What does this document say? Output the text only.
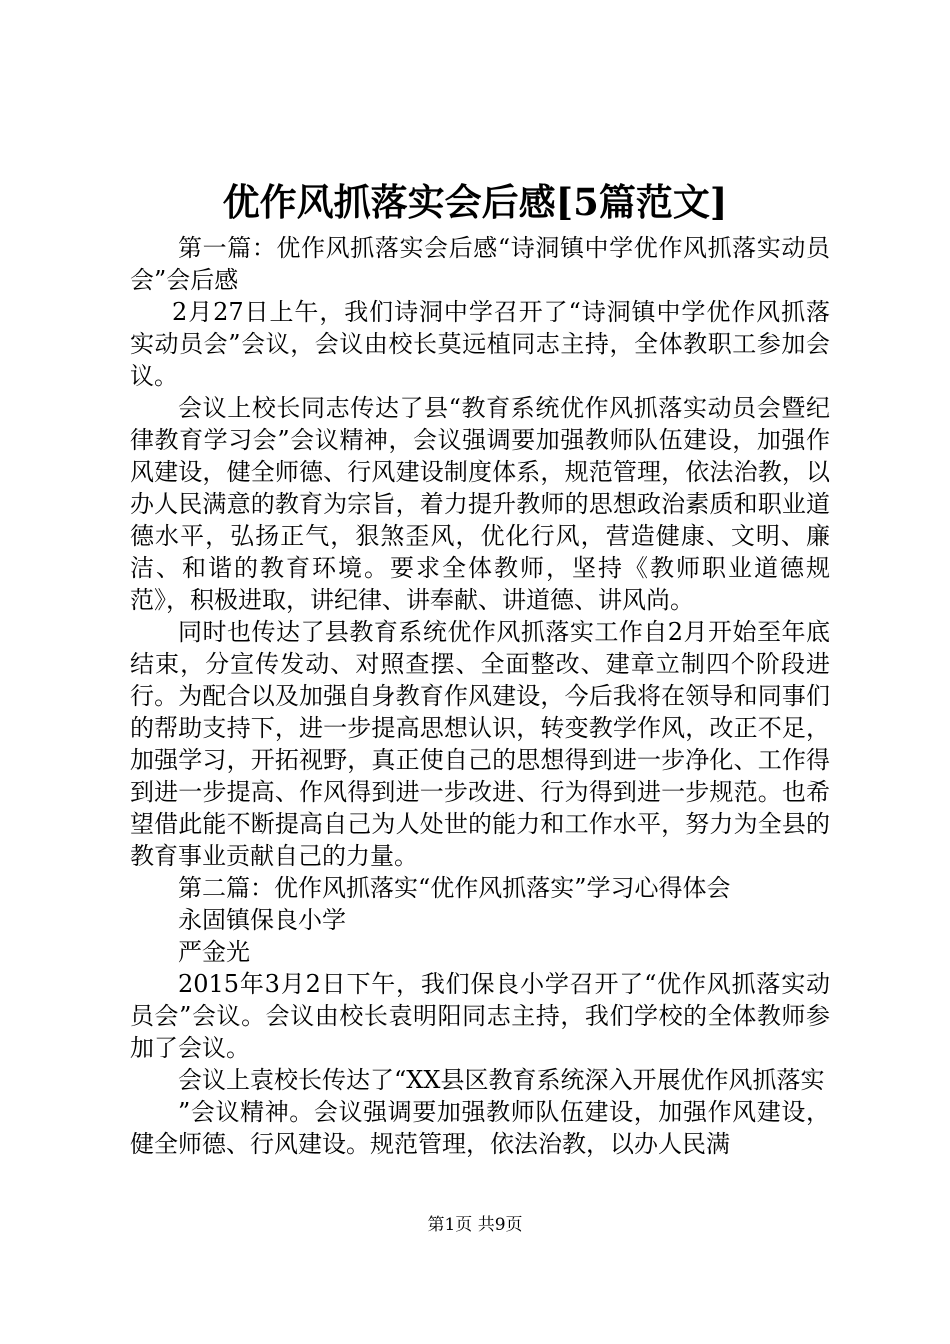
优作风抓落实会后感[5篇范文]

第一篇：优作风抓落实会后感“诗洞镇中学优作风抓落实动员会”会后感

2月27日上午，我们诗洞中学召开了“诗洞镇中学优作风抓落实动员会”会议，会议由校长莫远植同志主持，全体教职工参加会议。

会议上校长同志传达了县“教育系统优作风抓落实动员会暨纪律教育学习会”会议精神，会议强调要加强教师队伍建设，加强作风建设，健全师德、行风建设制度体系，规范管理，依法治教，以办人民满意的教育为宗旨，着力提升教师的思想政治素质和职业道德水平，弘扬正气，狠煞歪风，优化行风，营造健康、文明、廉洁、和谐的教育环境。要求全体教师，坚持《教师职业道德规范》，积极进取，讲纪律、讲奉献、讲道德、讲风尚。

同时也传达了县教育系统优作风抓落实工作自2月开始至年底结束，分宣传发动、对照查摆、全面整改、建章立制四个阶段进行。为配合以及加强自身教育作风建设，今后我将在领导和同事们的帮助支持下，进一步提高思想认识，转变教学作风，改正不足，加强学习，开拓视野，真正使自己的思想得到进一步净化、工作得到进一步提高、作风得到进一步改进、行为得到进一步规范。也希望借此能不断提高自己为人处世的能力和工作水平，努力为全县的教育事业贡献自己的力量。

第二篇：优作风抓落实“优作风抓落实”学习心得体会

永固镇保良小学

严金光

2015年3月2日下午，我们保良小学召开了“优作风抓落实动员会”会议。会议由校长袁明阳同志主持，我们学校的全体教师参加了会议。

会议上袁校长传达了“XX县区教育系统深入开展优作风抓落实

”会议精神。会议强调要加强教师队伍建设，加强作风建设，健全师德、行风建设。规范管理，依法治教，以办人民满

第1页 共9页
